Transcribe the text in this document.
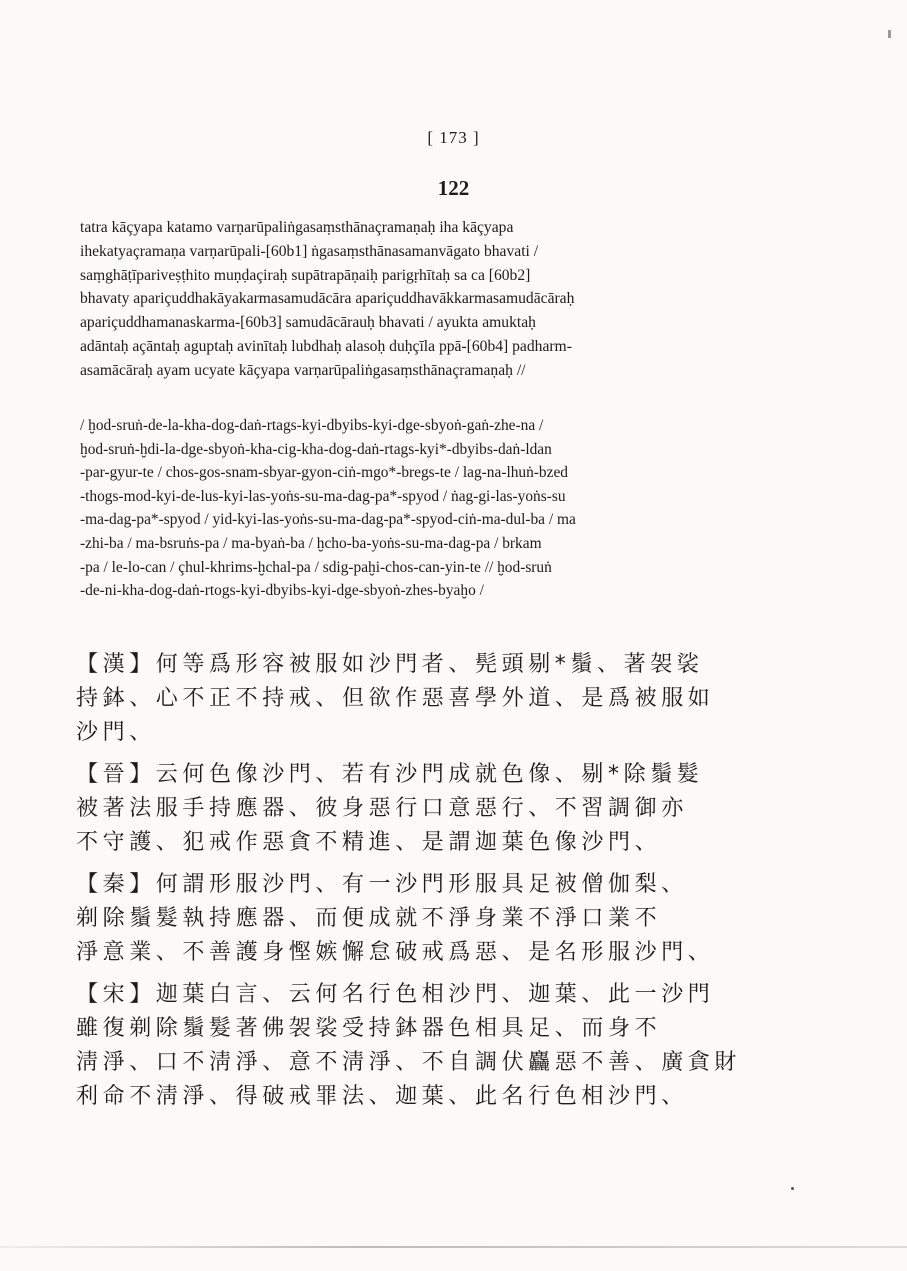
[ 173 ]
122
tatra kāçyapa katamo varṇarūpaliṅgasaṃsthānaçramaṇaḥ iha kāçyapa
ihekatyaçramaṇa varṇarūpali-[60b1] ṅgasaṃsthānasamanvāgato bhavati /
saṃghāṭīpariveṣṭhito muṇḍaçiraḥ supātrapāṇaiḥ parigṛhītaḥ sa ca [60b2]
bhavaty apariçuddhakāyakarmasamudācāra apariçuddhavākkarmasamudācāraḥ
apariçuddhamanaskarma-[60b3] samudācārauḥ bhavati / ayukta amuktaḥ
adāntaḥ açāntaḥ aguptaḥ avinītaḥ lubdhaḥ alasoḥ duḥçīla ppā-[60b4] padharm-
asamācāraḥ ayam ucyate kāçyapa varṇarūpaliṅgasaṃsthānaçramaṇaḥ //
/ ḫod-sruṅ-de-la-kha-dog-daṅ-rtags-kyi-dbyibs-kyi-dge-sbyoṅ-gaṅ-zhe-na /
ḫod-sruṅ-ḫdi-la-dge-sbyoṅ-kha-cig-kha-dog-daṅ-rtags-kyi*-dbyibs-daṅ-ldan
-par-gyur-te / chos-gos-snam-sbyar-gyon-ciṅ-mgo*-bregs-te / lag-na-lhuṅ-bzed
-thogs-mod-kyi-de-lus-kyi-las-yoṅs-su-ma-dag-pa*-spyod / ṅag-gi-las-yoṅs-su
-ma-dag-pa*-spyod / yid-kyi-las-yoṅs-su-ma-dag-pa*-spyod-ciṅ-ma-dul-ba / ma
-zhi-ba / ma-bsruṅs-pa / ma-byaṅ-ba / ḫcho-ba-yoṅs-su-ma-dag-pa / brkam
-pa / le-lo-can / çhul-khrims-ḫchal-pa / sdig-paḫi-chos-can-yin-te // ḫod-sruṅ
-de-ni-kha-dog-daṅ-rtogs-kyi-dbyibs-kyi-dge-sbyoṅ-zhes-byaḫo /
【漢】何等爲形容被服如沙門者、髡頭剔*鬚、著袈裟
持鉢、心不正不持戒、但欲作惡喜學外道、是爲被服如
沙門、
【晉】云何色像沙門、若有沙門成就色像、剔*除鬚髮
被著法服手持應器、彼身惡行口意惡行、不習調御亦
不守護、犯戒作惡貪不精進、是謂迦葉色像沙門、
【秦】何謂形服沙門、有一沙門形服具足被僧伽梨、
剃除鬚髮執持應器、而便成就不淨身業不淨口業不
淨意業、不善護身慳嫉懈怠破戒爲惡、是名形服沙門、
【宋】迦葉白言、云何名行色相沙門、迦葉、此一沙門
雖復剃除鬚髮著佛袈裟受持鉢器色相具足、而身不
淸淨、口不淸淨、意不淸淨、不自調伏麤惡不善、廣貪財
利命不淸淨、得破戒罪法、迦葉、此名行色相沙門、
